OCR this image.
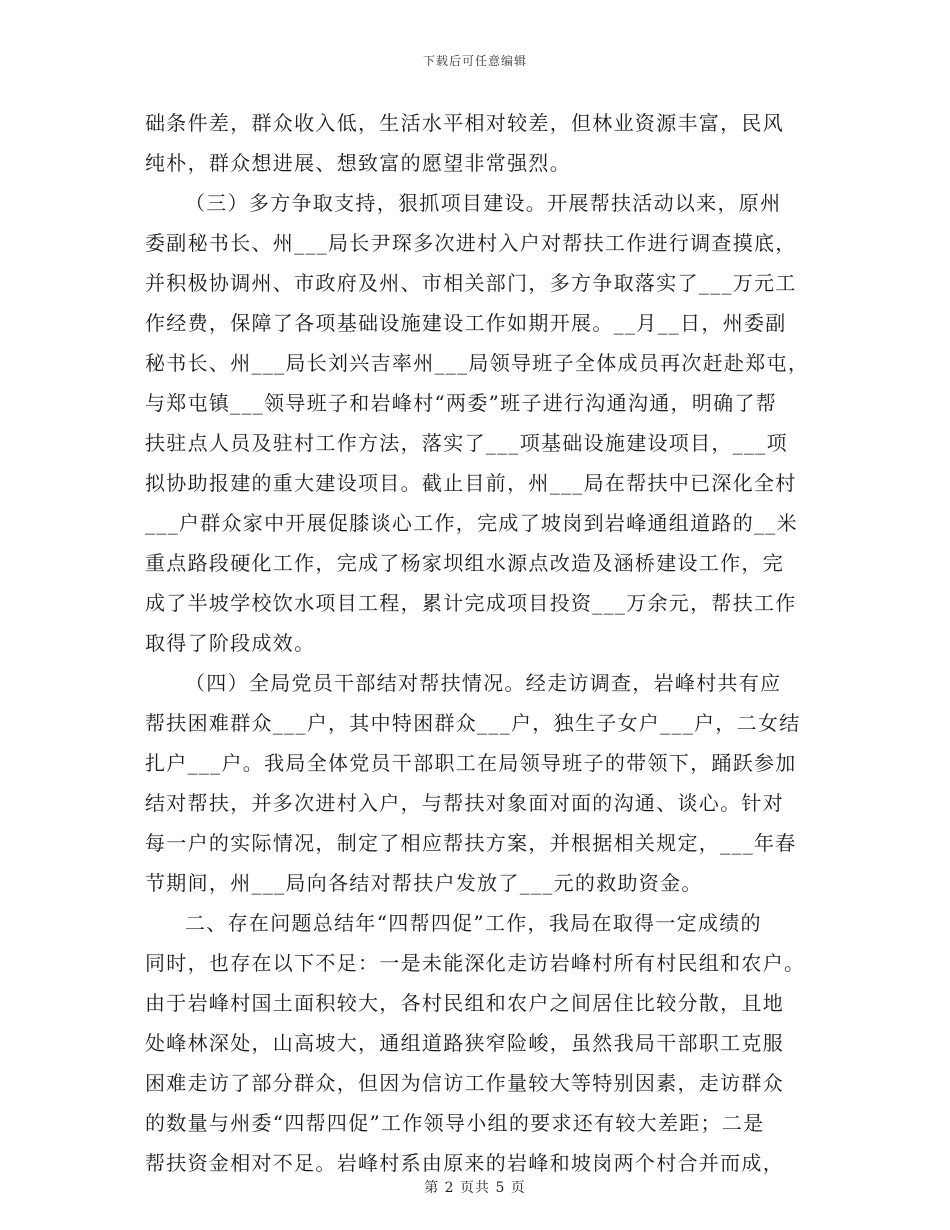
下载后可任意编辑
础条件差，群众收入低，生活水平相对较差，但林业资源丰富，民风
纯朴，群众想进展、想致富的愿望非常强烈。
（三）多方争取支持，狠抓项目建设。开展帮扶活动以来，原州
委副秘书长、州___局长尹琛多次进村入户对帮扶工作进行调查摸底，
并积极协调州、市政府及州、市相关部门，多方争取落实了___万元工
作经费，保障了各项基础设施建设工作如期开展。__月__日，州委副
秘书长、州___局长刘兴吉率州___局领导班子全体成员再次赶赴郑屯，
与郑屯镇___领导班子和岩峰村“两委”班子进行沟通沟通，明确了帮
扶驻点人员及驻村工作方法，落实了___项基础设施建设项目，___项
拟协助报建的重大建设项目。截止目前，州___局在帮扶中已深化全村
___户群众家中开展促膝谈心工作，完成了坡岗到岩峰通组道路的__米
重点路段硬化工作，完成了杨家坝组水源点改造及涵桥建设工作，完
成了半坡学校饮水项目工程，累计完成项目投资___万余元，帮扶工作
取得了阶段成效。
（四）全局党员干部结对帮扶情况。经走访调查，岩峰村共有应
帮扶困难群众___户，其中特困群众___户，独生子女户___户，二女结
扎户___户。我局全体党员干部职工在局领导班子的带领下，踊跃参加
结对帮扶，并多次进村入户，与帮扶对象面对面的沟通、谈心。针对
每一户的实际情况，制定了相应帮扶方案，并根据相关规定，___年春
节期间，州___局向各结对帮扶户发放了___元的救助资金。
二、存在问题总结年“四帮四促”工作，我局在取得一定成绩的
同时，也存在以下不足：一是未能深化走访岩峰村所有村民组和农户。
由于岩峰村国土面积较大，各村民组和农户之间居住比较分散，且地
处峰林深处，山高坡大，通组道路狭窄险峻，虽然我局干部职工克服
困难走访了部分群众，但因为信访工作量较大等特别因素，走访群众
的数量与州委“四帮四促”工作领导小组的要求还有较大差距；二是
帮扶资金相对不足。岩峰村系由原来的岩峰和坡岗两个村合并而成，
第 2 页共 5 页
